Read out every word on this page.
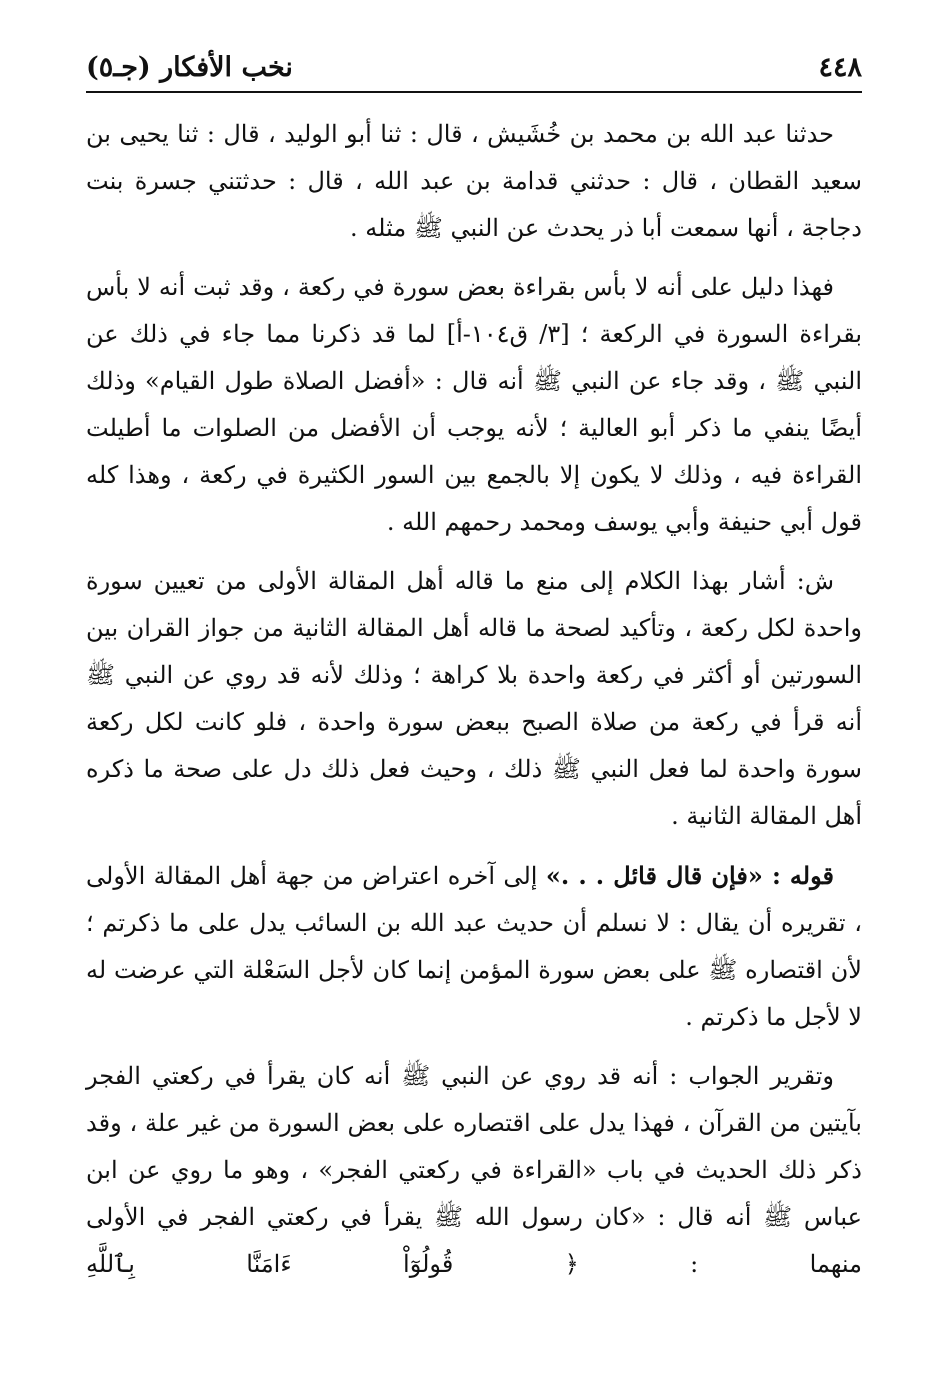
٤٤٨
نخب الأفكار (جـ٥)

حدثنا عبد الله بن محمد بن خُشَيش ، قال : ثنا أبو الوليد ، قال : ثنا يحيى بن سعيد القطان ، قال : حدثني قدامة بن عبد الله ، قال : حدثتني جسرة بنت دجاجة ، أنها سمعت أبا ذر يحدث عن النبي ﷺ مثله .

فهذا دليل على أنه لا بأس بقراءة بعض سورة في ركعة ، وقد ثبت أنه لا بأس بقراءة السورة في الركعة ؛ [٣/ ق١٠٤-أ] لما قد ذكرنا مما جاء في ذلك عن النبي ﷺ ، وقد جاء عن النبي ﷺ أنه قال : «أفضل الصلاة طول القيام» وذلك أيضًا ينفي ما ذكر أبو العالية ؛ لأنه يوجب أن الأفضل من الصلوات ما أطيلت القراءة فيه ، وذلك لا يكون إلا بالجمع بين السور الكثيرة في ركعة ، وهذا كله قول أبي حنيفة وأبي يوسف ومحمد رحمهم الله .

ش: أشار بهذا الكلام إلى منع ما قاله أهل المقالة الأولى من تعيين سورة واحدة لكل ركعة ، وتأكيد لصحة ما قاله أهل المقالة الثانية من جواز القران بين السورتين أو أكثر في ركعة واحدة بلا كراهة ؛ وذلك لأنه قد روي عن النبي ﷺ أنه قرأ في ركعة من صلاة الصبح ببعض سورة واحدة ، فلو كانت لكل ركعة سورة واحدة لما فعل النبي ﷺ ذلك ، وحيث فعل ذلك دل على صحة ما ذكره أهل المقالة الثانية .

قوله : «فإن قال قائل . . .» إلى آخره اعتراض من جهة أهل المقالة الأولى ، تقريره أن يقال : لا نسلم أن حديث عبد الله بن السائب يدل على ما ذكرتم ؛ لأن اقتصاره ﷺ على بعض سورة المؤمن إنما كان لأجل السَعْلة التي عرضت له لا لأجل ما ذكرتم .

وتقرير الجواب : أنه قد روي عن النبي ﷺ أنه كان يقرأ في ركعتي الفجر بآيتين من القرآن ، فهذا يدل على اقتصاره على بعض السورة من غير علة ، وقد ذكر ذلك الحديث في باب «القراءة في ركعتي الفجر» ، وهو ما روي عن ابن عباس ﷺ أنه قال : «كان رسول الله ﷺ يقرأ في ركعتي الفجر في الأولى منهما : ﴿ قُولُوٓاْ ءَامَنَّا بِٱللَّهِ
